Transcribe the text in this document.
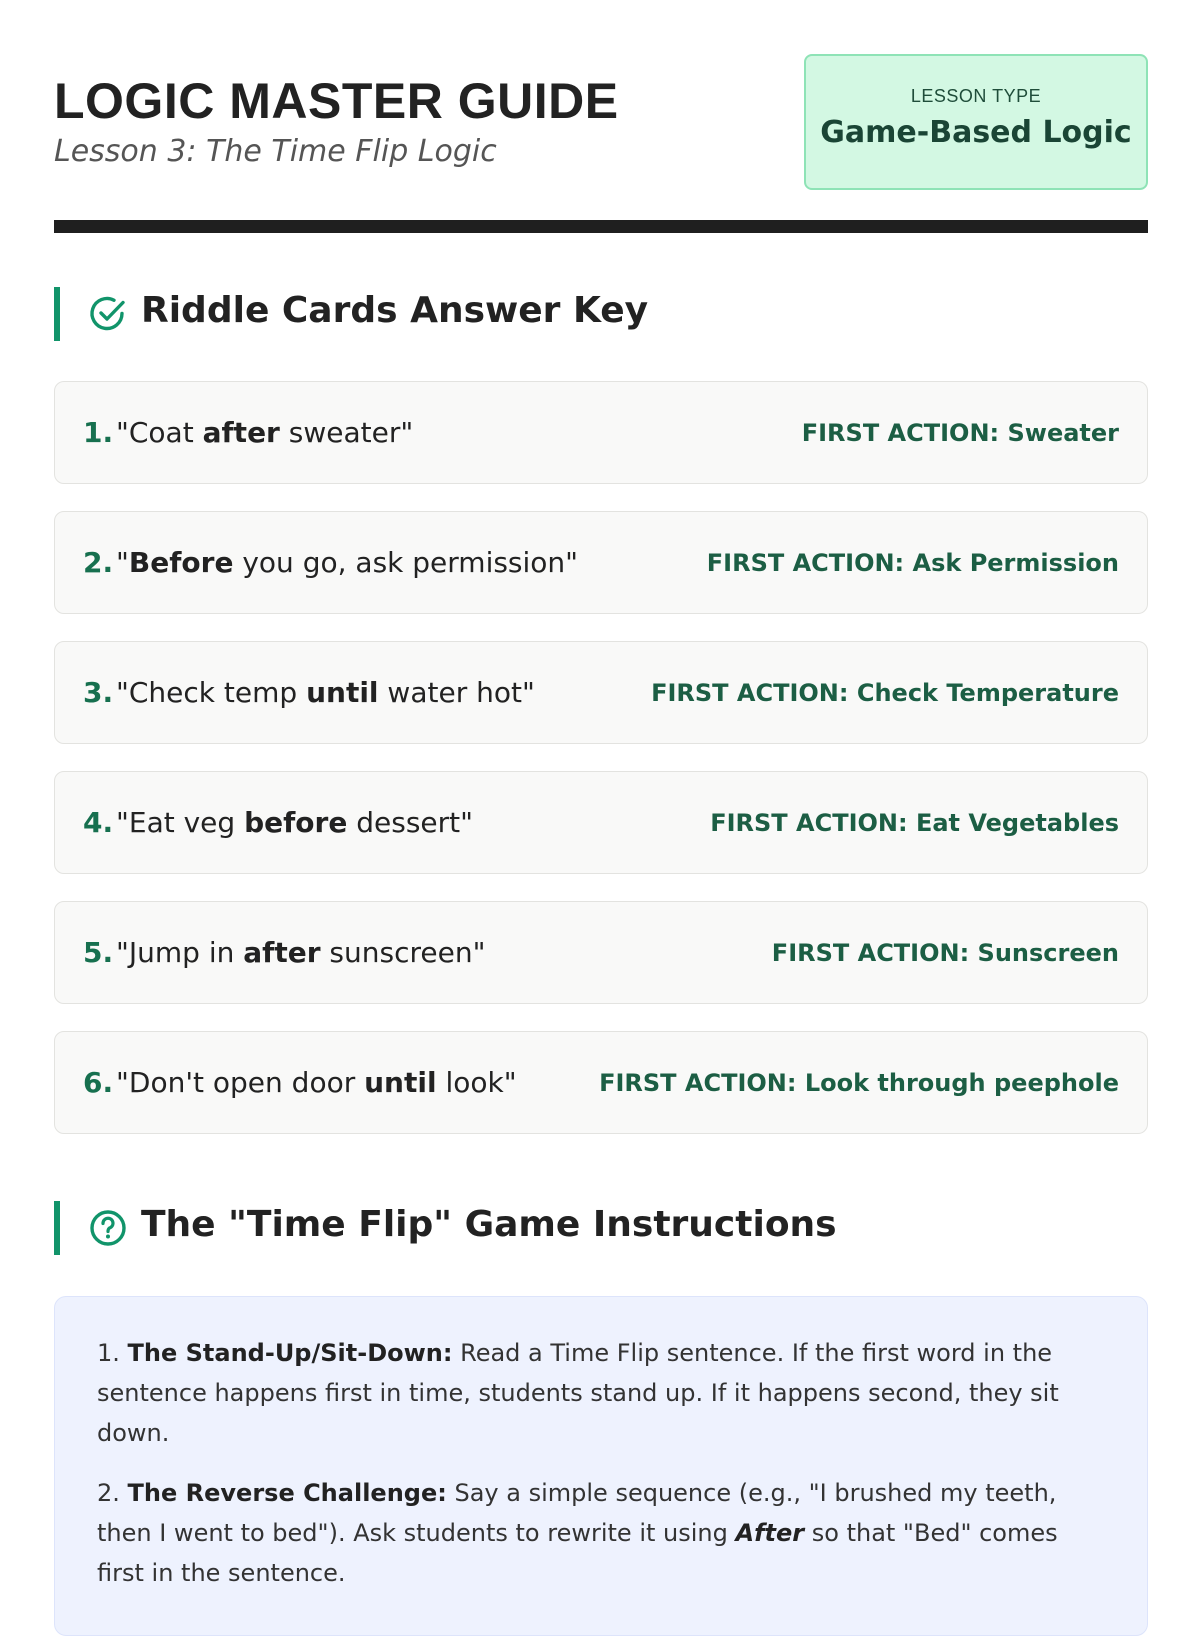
LOGIC MASTER GUIDE

Lesson 3: The Time Flip Logic

LESSON TYPE
Game-Based Logic
Riddle Cards Answer Key
1. "Coat after sweater"	FIRST ACTION: Sweater
2. "Before you go, ask permission"	FIRST ACTION: Ask Permission
3. "Check temp until water hot"	FIRST ACTION: Check Temperature
4. "Eat veg before dessert"	FIRST ACTION: Eat Vegetables
5. "Jump in after sunscreen"	FIRST ACTION: Sunscreen
6. "Don't open door until look"	FIRST ACTION: Look through peephole
The "Time Flip" Game Instructions

1. The Stand-Up/Sit-Down: Read a Time Flip sentence. If the first word in the sentence happens first in time, students stand up. If it happens second, they sit down.

2. The Reverse Challenge: Say a simple sequence (e.g., "I brushed my teeth, then I went to bed"). Ask students to rewrite it using After so that "Bed" comes first in the sentence.
